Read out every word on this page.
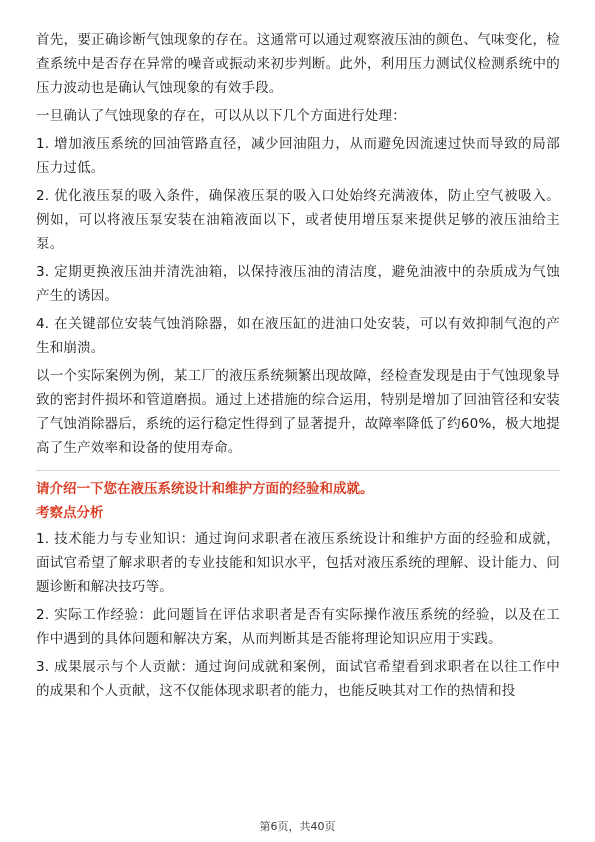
首先，要正确诊断气蚀现象的存在。这通常可以通过观察液压油的颜色、气味变化，检查系统中是否存在异常的噪音或振动来初步判断。此外，利用压力测试仪检测系统中的压力波动也是确认气蚀现象的有效手段。

一旦确认了气蚀现象的存在，可以从以下几个方面进行处理：

1. 增加液压系统的回油管路直径，减少回油阻力，从而避免因流速过快而导致的局部压力过低。

2. 优化液压泵的吸入条件，确保液压泵的吸入口处始终充满液体，防止空气被吸入。例如，可以将液压泵安装在油箱液面以下，或者使用增压泵来提供足够的液压油给主泵。

3. 定期更换液压油并清洗油箱，以保持液压油的清洁度，避免油液中的杂质成为气蚀产生的诱因。

4. 在关键部位安装气蚀消除器，如在液压缸的进油口处安装，可以有效抑制气泡的产生和崩溃。

以一个实际案例为例，某工厂的液压系统频繁出现故障，经检查发现是由于气蚀现象导致的密封件损坏和管道磨损。通过上述措施的综合运用，特别是增加了回油管径和安装了气蚀消除器后，系统的运行稳定性得到了显著提升，故障率降低了约60%，极大地提高了生产效率和设备的使用寿命。

请介绍一下您在液压系统设计和维护方面的经验和成就。

考察点分析

1. 技术能力与专业知识：通过询问求职者在液压系统设计和维护方面的经验和成就，面试官希望了解求职者的专业技能和知识水平，包括对液压系统的理解、设计能力、问题诊断和解决技巧等。

2. 实际工作经验：此问题旨在评估求职者是否有实际操作液压系统的经验，以及在工作中遇到的具体问题和解决方案，从而判断其是否能将理论知识应用于实践。

3. 成果展示与个人贡献：通过询问成就和案例，面试官希望看到求职者在以往工作中的成果和个人贡献，这不仅能体现求职者的能力，也能反映其对工作的热情和投

第6页，共40页
